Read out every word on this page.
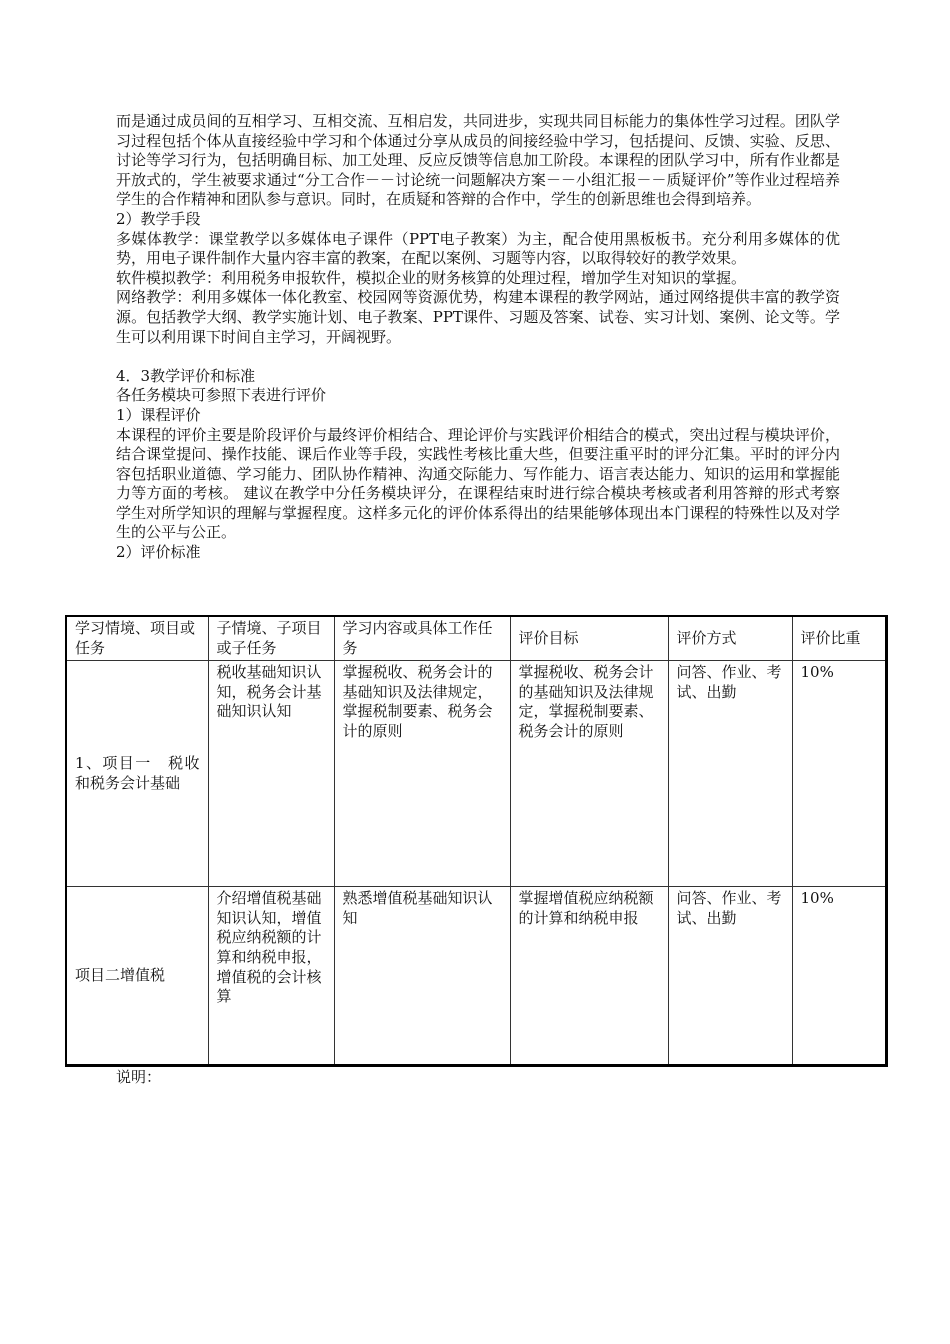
而是通过成员间的互相学习、互相交流、互相启发，共同进步，实现共同目标能力的集体性学习过程。团队学习过程包括个体从直接经验中学习和个体通过分享从成员的间接经验中学习，包括提问、反馈、实验、反思、讨论等学习行为，包括明确目标、加工处理、反应反馈等信息加工阶段。本课程的团队学习中，所有作业都是开放式的，学生被要求通过“分工合作－－讨论统一问题解决方案－－小组汇报－－质疑评价”等作业过程培养学生的合作精神和团队参与意识。同时，在质疑和答辩的合作中，学生的创新思维也会得到培养。

2）教学手段

多媒体教学：课堂教学以多媒体电子课件（PPT电子教案）为主，配合使用黑板板书。充分利用多媒体的优势，用电子课件制作大量内容丰富的教案，在配以案例、习题等内容，以取得较好的教学效果。

软件模拟教学：利用税务申报软件，模拟企业的财务核算的处理过程，增加学生对知识的掌握。

网络教学：利用多媒体一体化教室、校园网等资源优势，构建本课程的教学网站，通过网络提供丰富的教学资源。包括教学大纲、教学实施计划、电子教案、PPT课件、习题及答案、试卷、实习计划、案例、论文等。学生可以利用课下时间自主学习，开阔视野。

4．3教学评价和标准

各任务模块可参照下表进行评价

1）课程评价

本课程的评价主要是阶段评价与最终评价相结合、理论评价与实践评价相结合的模式，突出过程与模块评价，结合课堂提问、操作技能、课后作业等手段，实践性考核比重大些，但要注重平时的评分汇集。平时的评分内容包括职业道德、学习能力、团队协作精神、沟通交际能力、写作能力、语言表达能力、知识的运用和掌握能力等方面的考核。 建议在教学中分任务模块评分，在课程结束时进行综合模块考核或者利用答辩的形式考察学生对所学知识的理解与掌握程度。这样多元化的评价体系得出的结果能够体现出本门课程的特殊性以及对学生的公平与公正。

2）评价标准

学习情境、项目或任务	子情境、子项目或子任务	学习内容或具体工作任务	评价目标	评价方式	评价比重
1、项目一　税收和税务会计基础	税收基础知识认知，税务会计基础知识认知	掌握税收、税务会计的基础知识及法律规定，掌握税制要素、税务会计的原则	掌握税收、税务会计的基础知识及法律规定，掌握税制要素、税务会计的原则	问答、作业、考试、出勤	10%
项目二增值税	介绍增值税基础知识认知，增值税应纳税额的计算和纳税申报，增值税的会计核算	熟悉增值税基础知识认知	掌握增值税应纳税额的计算和纳税申报	问答、作业、考试、出勤	10%
说明：
